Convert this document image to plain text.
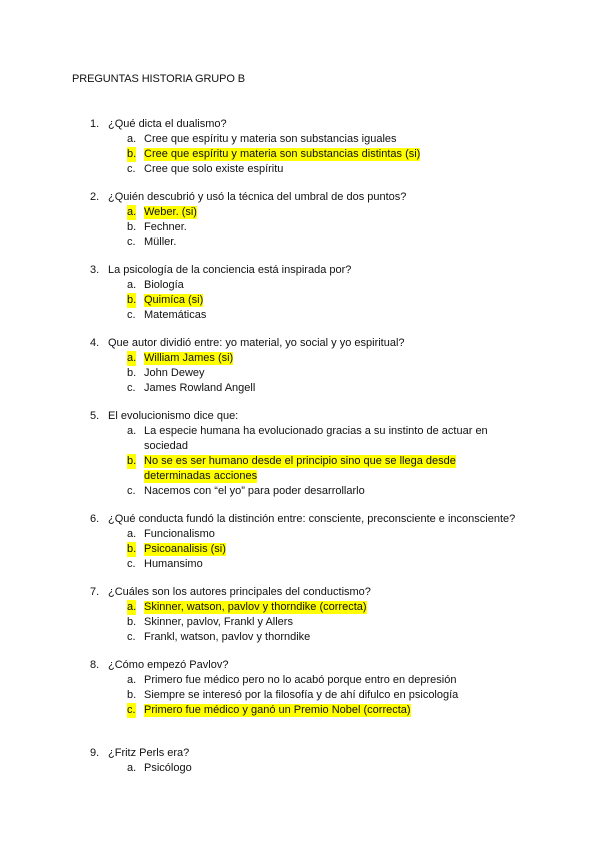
PREGUNTAS HISTORIA GRUPO B
1. ¿Qué dicta el dualismo?
a. Cree que espíritu y materia son substancias iguales
b. Cree que espíritu y materia son substancias distintas (si)
c. Cree que solo existe espíritu
2. ¿Quién descubrió y usó la técnica del umbral de dos puntos?
a. Weber. (si)
b. Fechner.
c. Müller.
3. La psicología de la conciencia está inspirada por?
a. Biología
b. Quimíca (si)
c. Matemáticas
4. Que autor dividió entre: yo material, yo social y yo espiritual?
a. William James (si)
b. John Dewey
c. James Rowland Angell
5. El evolucionismo dice que:
a. La especie humana ha evolucionado gracias a su instinto de actuar en
sociedad
b. No se es ser humano desde el principio sino que se llega desde
determinadas acciones
c. Nacemos con “el yo” para poder desarrollarlo
6. ¿Qué conducta fundó la distinción entre: consciente, preconsciente e inconsciente?
a. Funcionalismo
b. Psicoanalisis (si)
c. Humansimo
7. ¿Cuáles son los autores principales del conductismo?
a. Skinner, watson, pavlov y thorndike (correcta)
b. Skinner, pavlov, Frankl y Allers
c. Frankl, watson, pavlov y thorndike
8. ¿Cómo empezó Pavlov?
a. Primero fue médico pero no lo acabó porque entro en depresión
b. Siempre se interesó por la filosofía y de ahí difulco en psicología
c. Primero fue médico y ganó un Premio Nobel (correcta)
9. ¿Fritz Perls era?
a. Psicólogo
